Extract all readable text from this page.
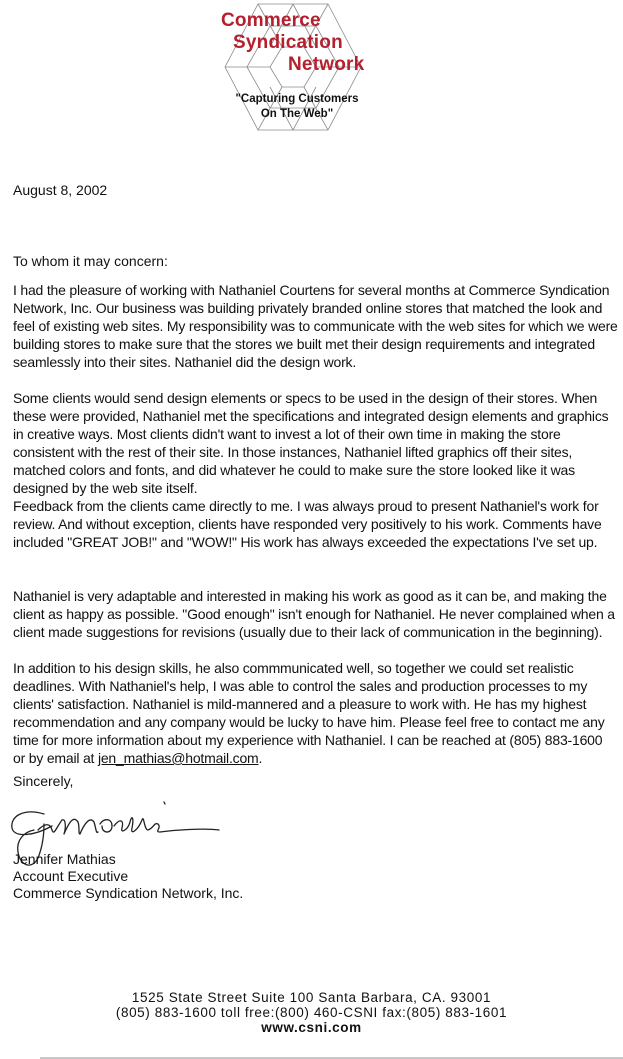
Commerce
Syndication
Network
"Capturing Customers
On The Web"
August 8, 2002
To whom it may concern:

I had the pleasure of working with Nathaniel Courtens for several months at Commerce Syndication Network, Inc. Our business was building privately branded online stores that matched the look and feel of existing web sites. My responsibility was to communicate with the web sites for which we were building stores to make sure that the stores we built met their design requirements and integrated seamlessly into their sites. Nathaniel did the design work.

Some clients would send design elements or specs to be used in the design of their stores. When these were provided, Nathaniel met the specifications and integrated design elements and graphics in creative ways. Most clients didn't want to invest a lot of their own time in making the store consistent with the rest of their site. In those instances, Nathaniel lifted graphics off their sites, matched colors and fonts, and did whatever he could to make sure the store looked like it was designed by the web site itself.

Feedback from the clients came directly to me. I was always proud to present Nathaniel's work for review. And without exception, clients have responded very positively to his work. Comments have included "GREAT JOB!" and "WOW!" His work has always exceeded the expectations I've set up.

Nathaniel is very adaptable and interested in making his work as good as it can be, and making the client as happy as possible. "Good enough" isn't enough for Nathaniel. He never complained when a client made suggestions for revisions (usually due to their lack of communication in the beginning).

In addition to his design skills, he also commmunicated well, so together we could set realistic deadlines. With Nathaniel's help, I was able to control the sales and production processes to my clients' satisfaction. Nathaniel is mild-mannered and a pleasure to work with. He has my highest recommendation and any company would be lucky to have him. Please feel free to contact me any time for more information about my experience with Nathaniel. I can be reached at (805) 883-1600 or by email at jen_mathias@hotmail.com.

Sincerely,
Jennifer Mathias
Account Executive
Commerce Syndication Network, Inc.
1525 State Street Suite 100 Santa Barbara, CA. 93001
(805) 883-1600 toll free:(800) 460-CSNI fax:(805) 883-1601
www.csni.com
